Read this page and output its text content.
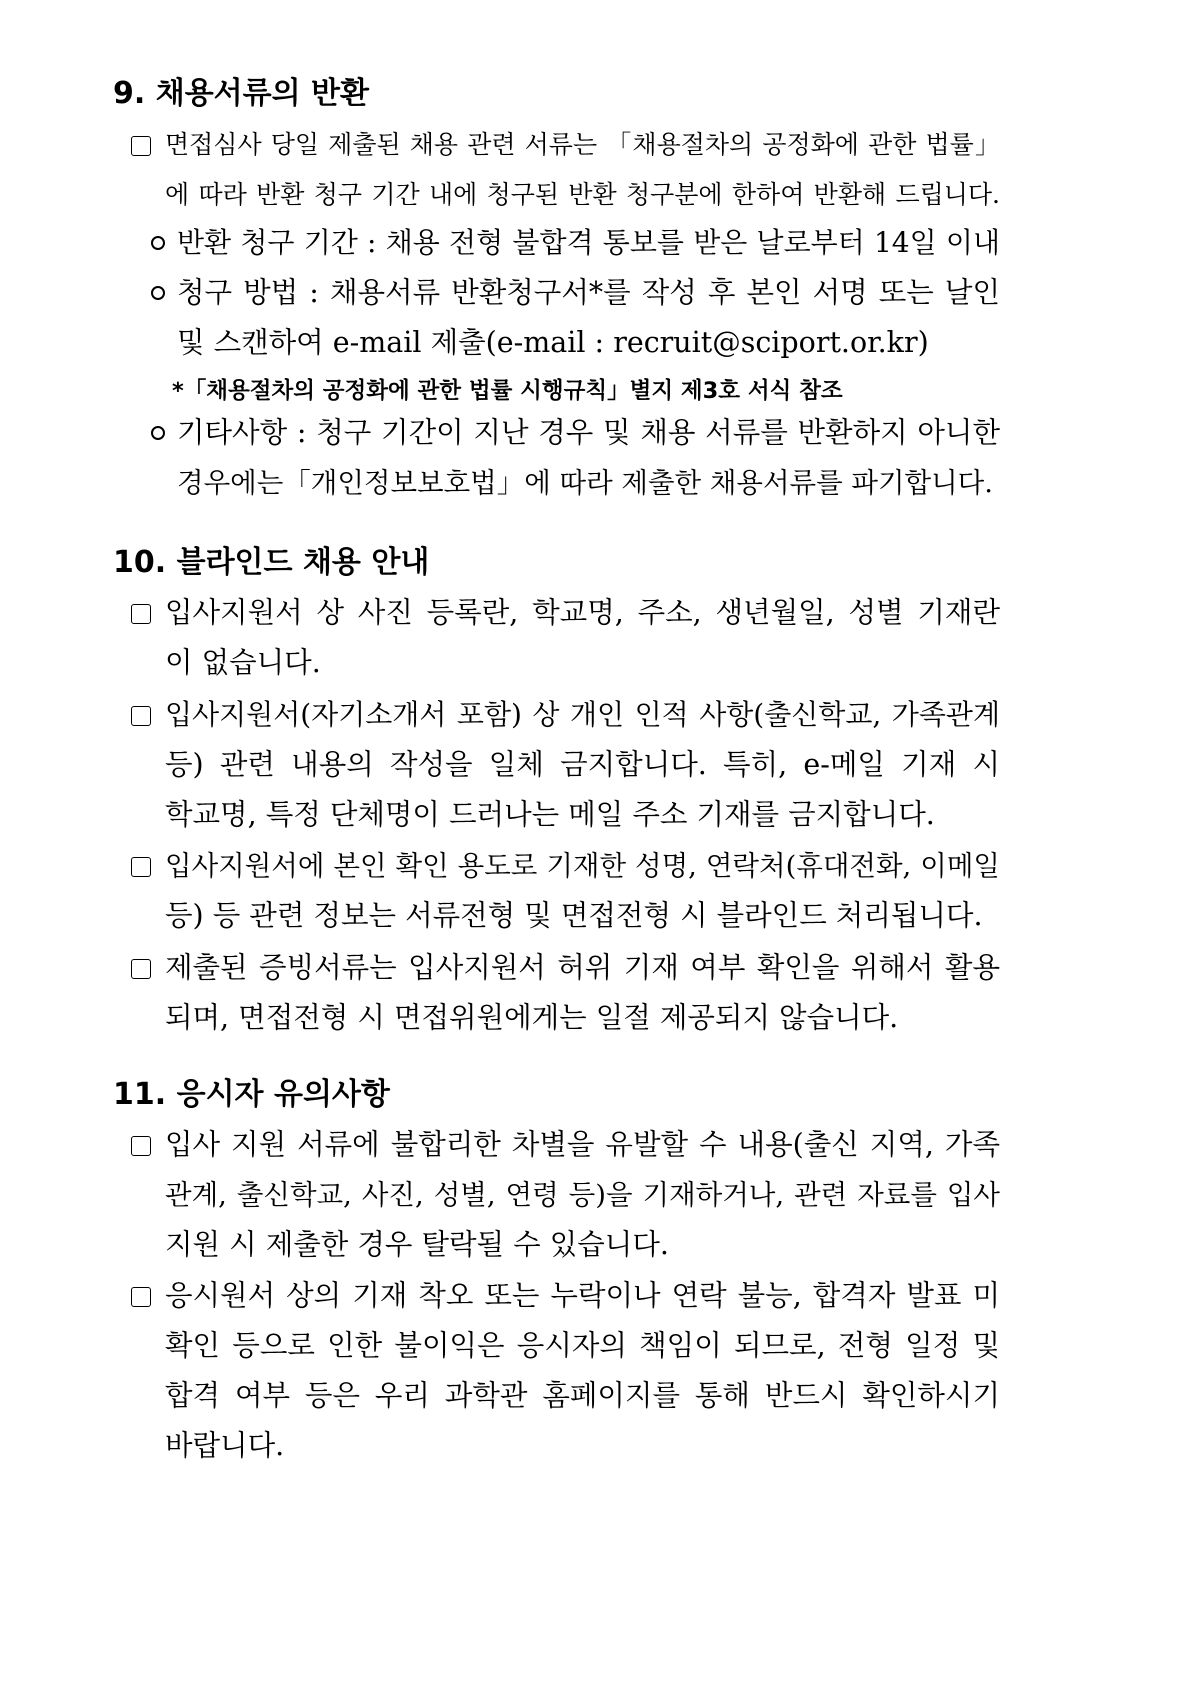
9. 채용서류의 반환
면접심사 당일 제출된 채용 관련 서류는 「채용절차의 공정화에 관한 법률」
에 따라 반환 청구 기간 내에 청구된 반환 청구분에 한하여 반환해 드립니다.
반환 청구 기간 : 채용 전형 불합격 통보를 받은 날로부터 14일 이내
청구 방법 : 채용서류 반환청구서*를 작성 후 본인 서명 또는 날인
및 스캔하여 e-mail 제출(e-mail : recruit@sciport.or.kr)
*「채용절차의 공정화에 관한 법률 시행규칙」별지 제3호 서식 참조
기타사항 : 청구 기간이 지난 경우 및 채용 서류를 반환하지 아니한
경우에는「개인정보보호법」에 따라 제출한 채용서류를 파기합니다.
10. 블라인드 채용 안내
입사지원서 상 사진 등록란, 학교명, 주소, 생년월일, 성별 기재란
이 없습니다.
입사지원서(자기소개서 포함) 상 개인 인적 사항(출신학교, 가족관계
등) 관련 내용의 작성을 일체 금지합니다. 특히, e-메일 기재 시
학교명, 특정 단체명이 드러나는 메일 주소 기재를 금지합니다.
입사지원서에 본인 확인 용도로 기재한 성명, 연락처(휴대전화, 이메일
등) 등 관련 정보는 서류전형 및 면접전형 시 블라인드 처리됩니다.
제출된 증빙서류는 입사지원서 허위 기재 여부 확인을 위해서 활용
되며, 면접전형 시 면접위원에게는 일절 제공되지 않습니다.
11. 응시자 유의사항
입사 지원 서류에 불합리한 차별을 유발할 수 내용(출신 지역, 가족
관계, 출신학교, 사진, 성별, 연령 등)을 기재하거나, 관련 자료를 입사
지원 시 제출한 경우 탈락될 수 있습니다.
응시원서 상의 기재 착오 또는 누락이나 연락 불능, 합격자 발표 미
확인 등으로 인한 불이익은 응시자의 책임이 되므로, 전형 일정 및
합격 여부 등은 우리 과학관 홈페이지를 통해 반드시 확인하시기
바랍니다.
